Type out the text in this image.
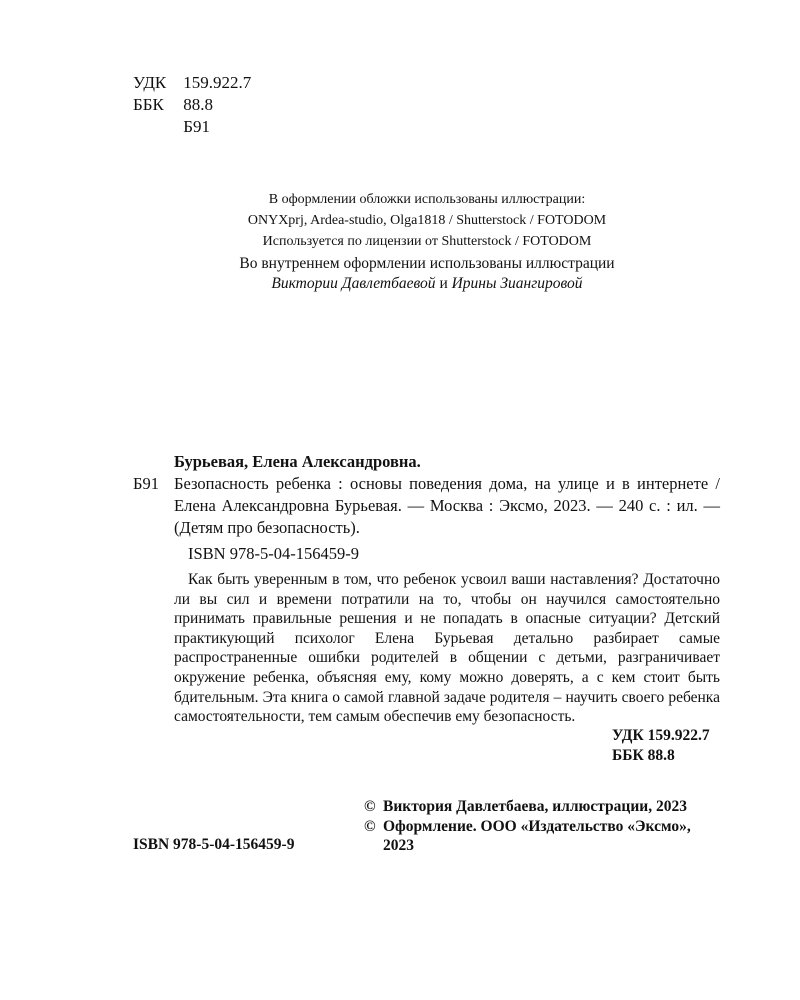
УДК 159.922.7
ББК 88.8
Б91
В оформлении обложки использованы иллюстрации:
ONYXprj, Ardea-studio, Olga1818 / Shutterstock / FOTODOM
Используется по лицензии от Shutterstock / FOTODOM
Во внутреннем оформлении использованы иллюстрации
Виктории Давлетбаевой и Ирины Зиангировой
Бурьевая, Елена Александровна.
Б91 Безопасность ребенка : основы поведения дома, на улице и в интернете / Елена Александровна Бурьевая. — Москва : Эксмо, 2023. — 240 с. : ил. — (Детям про безопасность).
ISBN 978-5-04-156459-9
Как быть уверенным в том, что ребенок усвоил ваши наставления? Достаточно ли вы сил и времени потратили на то, чтобы он научился самостоятельно принимать правильные решения и не попадать в опасные ситуации? Детский практикующий психолог Елена Бурьевая детально разбирает самые распространенные ошибки родителей в общении с детьми, разграничивает окружение ребенка, объясняя ему, кому можно доверять, а с кем стоит быть бдительным. Эта книга о самой главной задаче родителя – научить своего ребенка самостоятельности, тем самым обеспечив ему безопасность.
УДК 159.922.7
ББК 88.8
© Виктория Давлетбаева, иллюстрации, 2023
© Оформление. ООО «Издательство «Эксмо», 2023
ISBN 978-5-04-156459-9
